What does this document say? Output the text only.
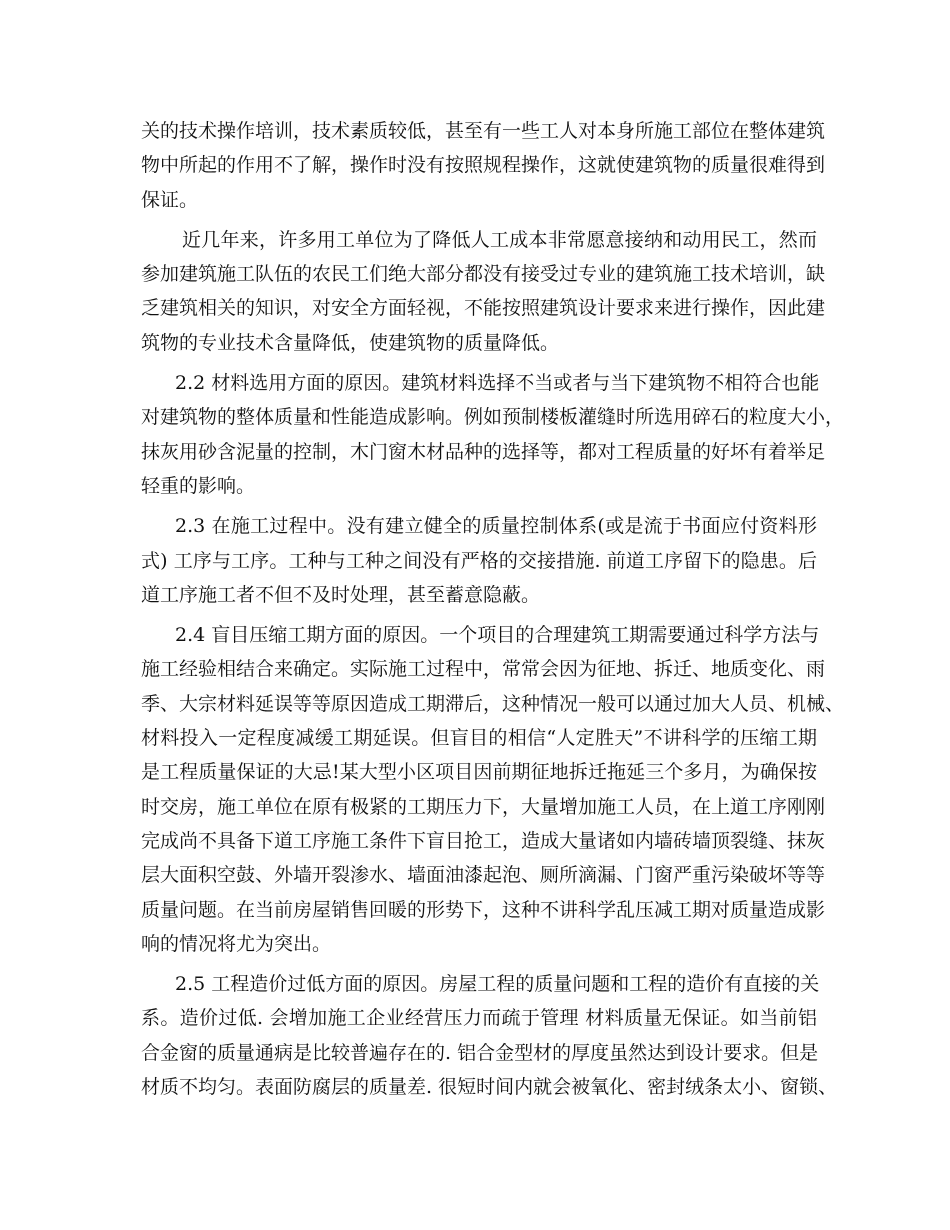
关的技术操作培训，技术素质较低，甚至有一些工人对本身所施工部位在整体建筑
物中所起的作用不了解，操作时没有按照规程操作，这就使建筑物的质量很难得到
保证。
近几年来，许多用工单位为了降低人工成本非常愿意接纳和动用民工，然而
参加建筑施工队伍的农民工们绝大部分都没有接受过专业的建筑施工技术培训，缺
乏建筑相关的知识，对安全方面轻视，不能按照建筑设计要求来进行操作，因此建
筑物的专业技术含量降低，使建筑物的质量降低。
2.2 材料选用方面的原因。建筑材料选择不当或者与当下建筑物不相符合也能
对建筑物的整体质量和性能造成影响。例如预制楼板灌缝时所选用碎石的粒度大小，
抹灰用砂含泥量的控制，木门窗木材品种的选择等，都对工程质量的好坏有着举足
轻重的影响。
2.3 在施工过程中。没有建立健全的质量控制体系(或是流于书面应付资料形
式) 工序与工序。工种与工种之间没有严格的交接措施. 前道工序留下的隐患。后
道工序施工者不但不及时处理，甚至蓄意隐蔽。
2.4 盲目压缩工期方面的原因。一个项目的合理建筑工期需要通过科学方法与
施工经验相结合来确定。实际施工过程中，常常会因为征地、拆迁、地质变化、雨
季、大宗材料延误等等原因造成工期滞后，这种情况一般可以通过加大人员、机械、
材料投入一定程度减缓工期延误。但盲目的相信“人定胜天”不讲科学的压缩工期
是工程质量保证的大忌!某大型小区项目因前期征地拆迁拖延三个多月，为确保按
时交房，施工单位在原有极紧的工期压力下，大量增加施工人员，在上道工序刚刚
完成尚不具备下道工序施工条件下盲目抢工，造成大量诸如内墙砖墙顶裂缝、抹灰
层大面积空鼓、外墙开裂渗水、墙面油漆起泡、厕所滴漏、门窗严重污染破坏等等
质量问题。在当前房屋销售回暖的形势下，这种不讲科学乱压减工期对质量造成影
响的情况将尤为突出。
2.5 工程造价过低方面的原因。房屋工程的质量问题和工程的造价有直接的关
系。造价过低. 会增加施工企业经营压力而疏于管理 材料质量无保证。如当前铝
合金窗的质量通病是比较普遍存在的. 铝合金型材的厚度虽然达到设计要求。但是
材质不均匀。表面防腐层的质量差. 很短时间内就会被氧化、密封绒条太小、窗锁、
